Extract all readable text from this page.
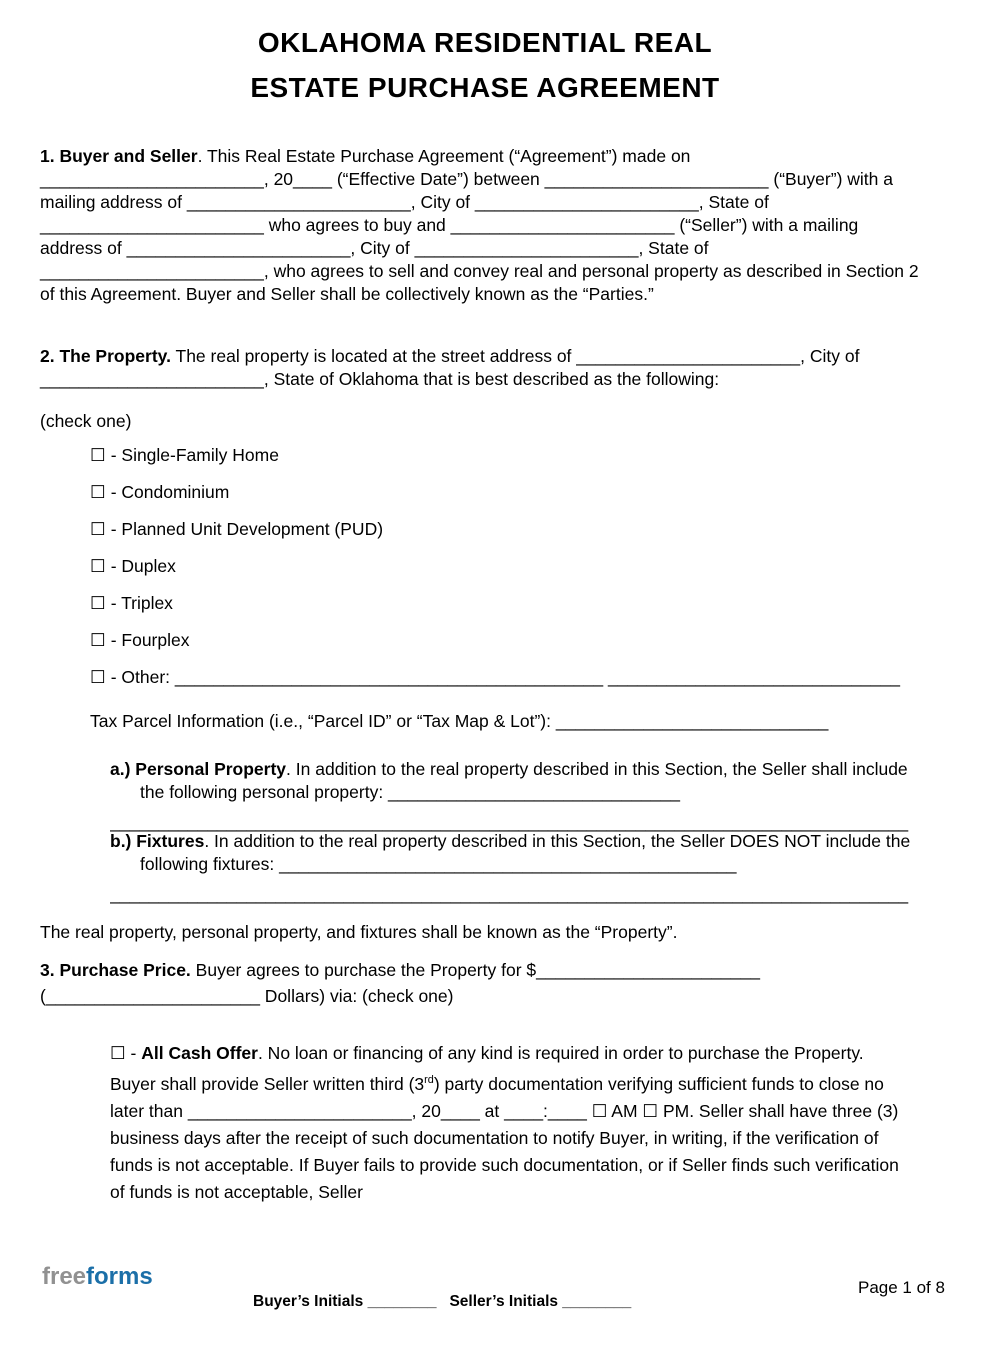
OKLAHOMA RESIDENTIAL REAL
ESTATE PURCHASE AGREEMENT

1. Buyer and Seller. This Real Estate Purchase Agreement (“Agreement”) made on _______________________, 20____ (“Effective Date”) between _______________________ (“Buyer”) with a mailing address of _______________________, City of _______________________, State of _______________________ who agrees to buy and _______________________ (“Seller”) with a mailing address of _______________________, City of _______________________, State of _______________________, who agrees to sell and convey real and personal property as described in Section 2 of this Agreement. Buyer and Seller shall be collectively known as the “Parties.”

2. The Property. The real property is located at the street address of _______________________, City of _______________________, State of Oklahoma that is best described as the following:

(check one)

☐ - Single-Family Home
☐ - Condominium
☐ - Planned Unit Development (PUD)
☐ - Duplex
☐ - Triplex
☐ - Fourplex
☐ - Other: ____________________________________________ ______________________________

Tax Parcel Information (i.e., “Parcel ID” or “Tax Map & Lot”): ____________________________

a.) Personal Property. In addition to the real property described in this Section, the Seller shall include the following personal property: ______________________________

__________________________________________________________________________________

b.) Fixtures. In addition to the real property described in this Section, the Seller DOES NOT include the following fixtures: _______________________________________________

__________________________________________________________________________________

The real property, personal property, and fixtures shall be known as the “Property”.

3. Purchase Price. Buyer agrees to purchase the Property for $_______________________ (______________________ Dollars) via: (check one)

☐ - All Cash Offer. No loan or financing of any kind is required in order to purchase the Property. Buyer shall provide Seller written third (3rd) party documentation verifying sufficient funds to close no later than _______________________, 20____ at ____:____ ☐ AM ☐ PM. Seller shall have three (3) business days after the receipt of such documentation to notify Buyer, in writing, if the verification of funds is not acceptable. If Buyer fails to provide such documentation, or if Seller finds such verification of funds is not acceptable, Seller

freeforms	Page 1 of 8

Buyer’s Initials ________   Seller’s Initials ________
